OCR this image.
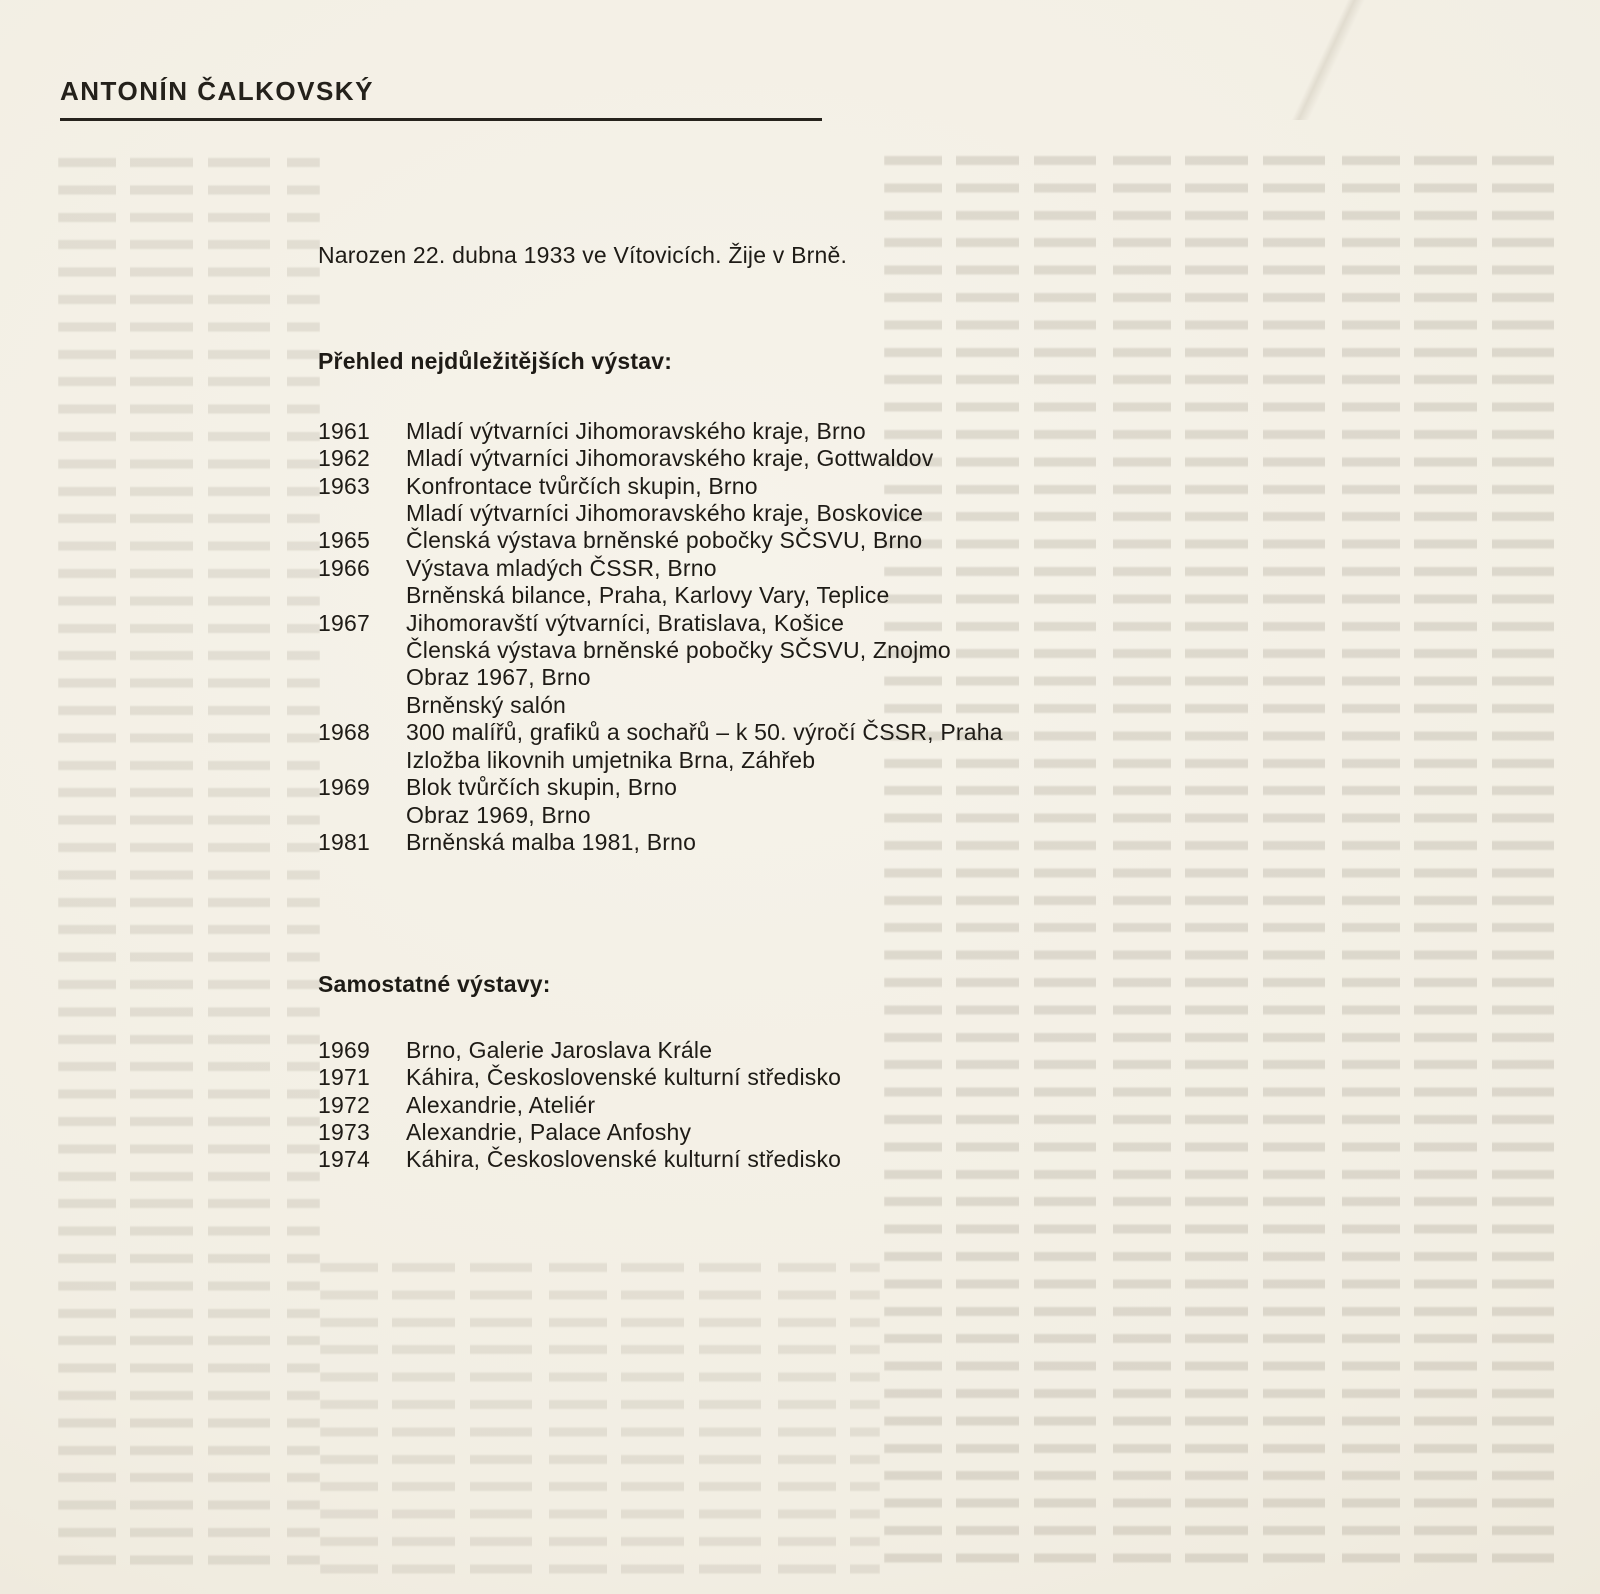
ANTONÍN ČALKOVSKÝ

Narozen 22. dubna 1933 ve Vítovicích. Žije v Brně.

Přehled nejdůležitějších výstav:
1961	Mladí výtvarníci Jihomoravského kraje, Brno
1962	Mladí výtvarníci Jihomoravského kraje, Gottwaldov
1963	Konfrontace tvůrčích skupin, Brno
Mladí výtvarníci Jihomoravského kraje, Boskovice
1965	Členská výstava brněnské pobočky SČSVU, Brno
1966	Výstava mladých ČSSR, Brno
Brněnská bilance, Praha, Karlovy Vary, Teplice
1967	Jihomoravští výtvarníci, Bratislava, Košice
Členská výstava brněnské pobočky SČSVU, Znojmo
Obraz 1967, Brno
Brněnský salón
1968	300 malířů, grafiků a sochařů – k 50. výročí ČSSR, Praha
Izložba likovnih umjetnika Brna, Záhřeb
1969	Blok tvůrčích skupin, Brno
Obraz 1969, Brno
1981	Brněnská malba 1981, Brno
Samostatné výstavy:
1969	Brno, Galerie Jaroslava Krále
1971	Káhira, Československé kulturní středisko
1972	Alexandrie, Ateliér
1973	Alexandrie, Palace Anfoshy
1974	Káhira, Československé kulturní středisko
